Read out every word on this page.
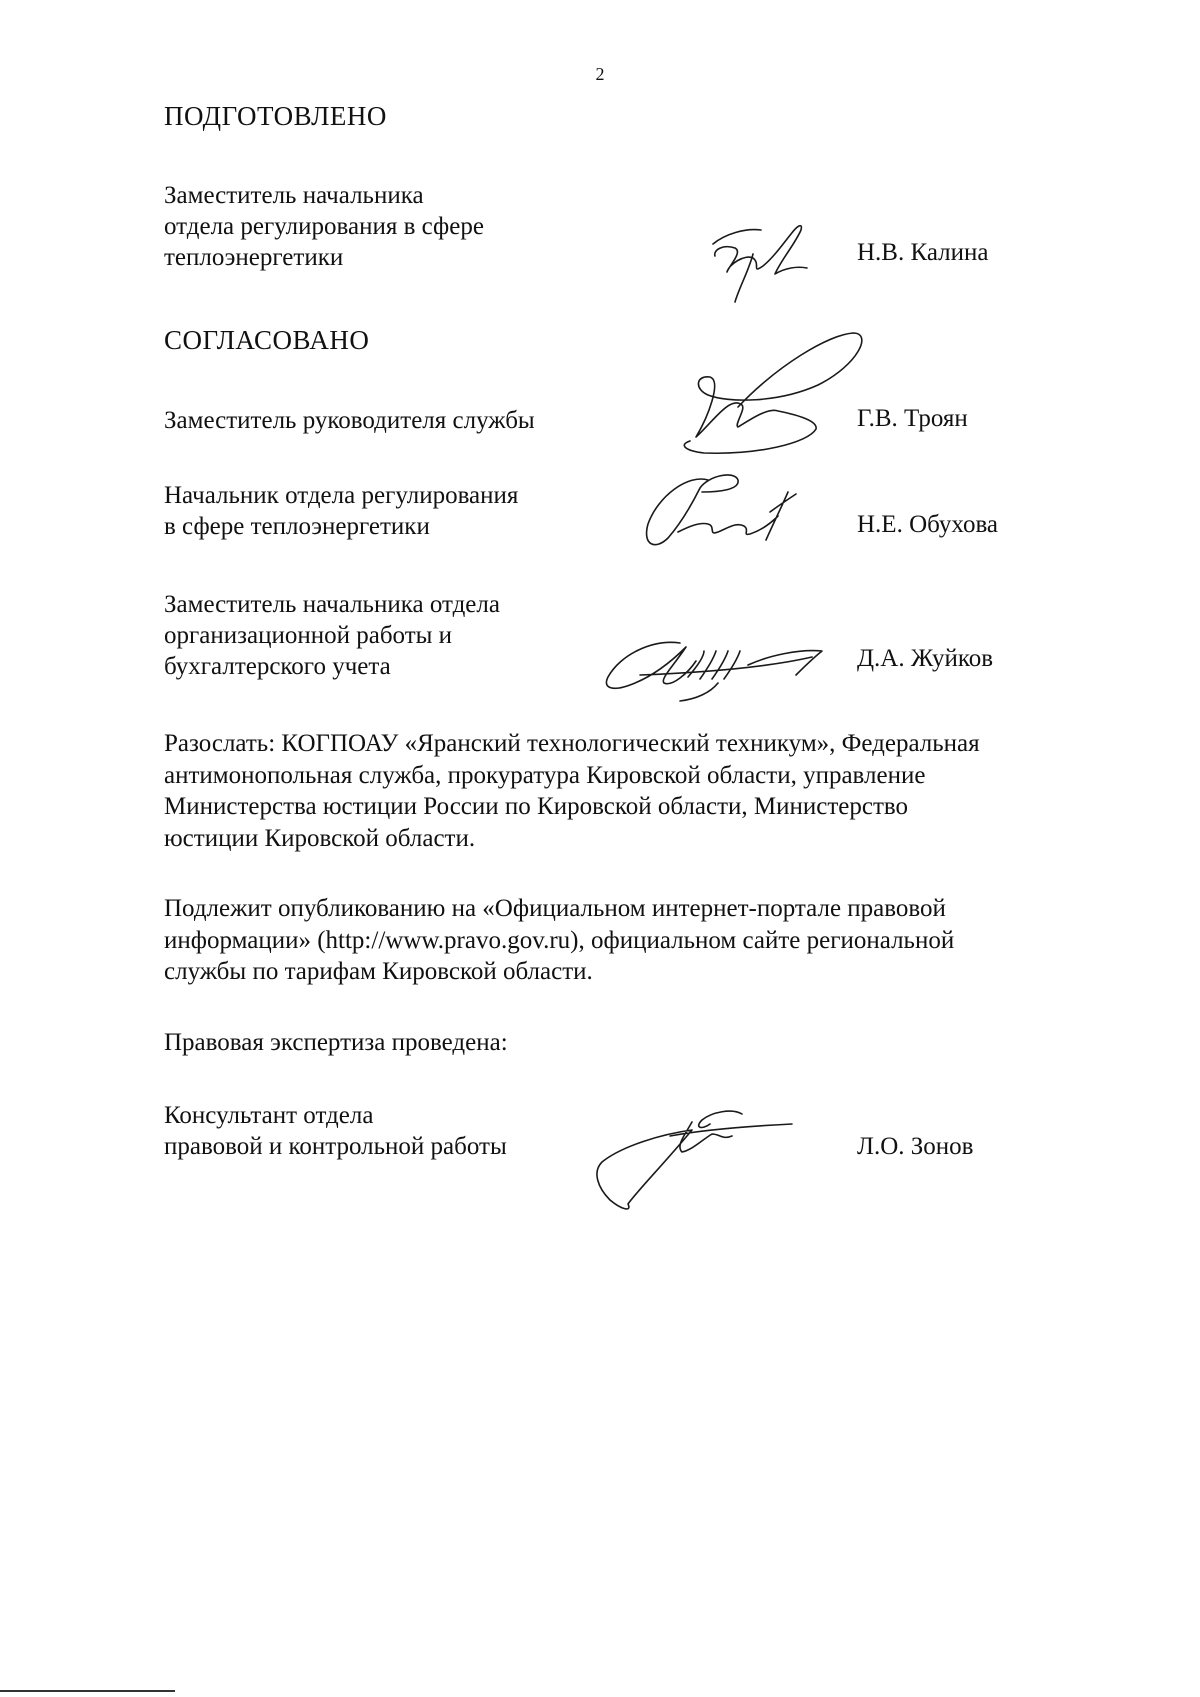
2
ПОДГОТОВЛЕНО
Заместитель начальника
отдела регулирования в сфере
теплоэнергетики	Н.В. Калина
СОГЛАСОВАНО
Заместитель руководителя службы	Г.В. Троян
Начальник отдела регулирования
в сфере теплоэнергетики	Н.Е. Обухова
Заместитель начальника отдела
организационной работы и
бухгалтерского учета	Д.А. Жуйков
Разослать: КОГПОАУ «Яранский технологический техникум», Федеральная
антимонопольная служба, прокуратура Кировской области, управление
Министерства юстиции России по Кировской области, Министерство
юстиции Кировской области.
Подлежит опубликованию на «Официальном интернет-портале правовой
информации» (http://www.pravo.gov.ru), официальном сайте региональной
службы по тарифам Кировской области.
Правовая экспертиза проведена:
Консультант отдела
правовой и контрольной работы	Л.О. Зонов
